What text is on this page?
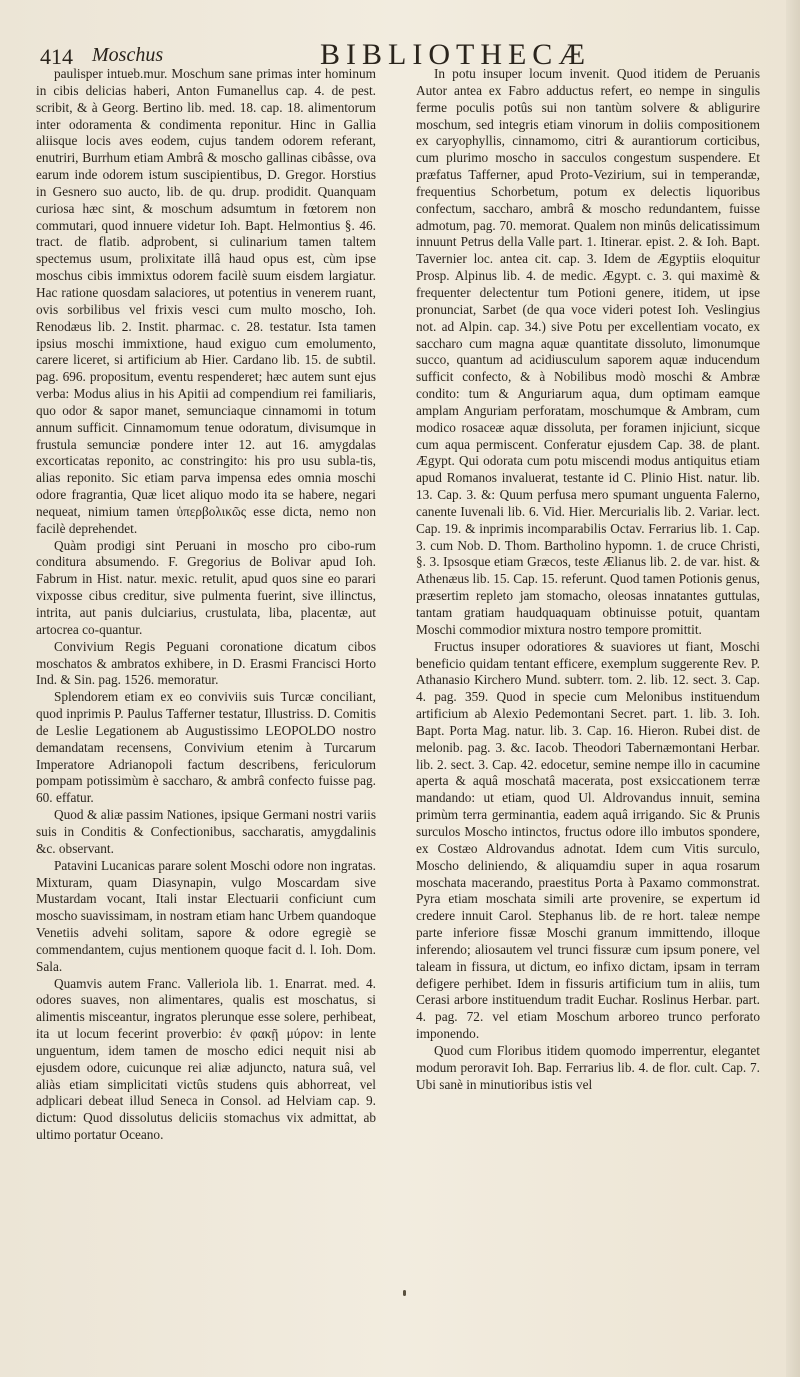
414 Moschus	BIBLIOTHECÆ

paulisper intueb.mur. Moschum sane primas inter hominum in cibis delicias haberi, Anton Fumanellus cap. 4. de pest. scribit, & à Georg. Bertino lib. med. 18. cap. 18. alimentorum inter odoramenta & condimenta reponitur. Hinc in Gallia aliisque locis aves eodem, cujus tandem odorem referant, enutriri, Burrhum etiam Ambrâ & moscho gallinas cibâsse, ova earum inde odorem istum suscipientibus, D. Gregor. Horstius in Gesnero suo aucto, lib. de qu. drup. prodidit. Quanquam curiosa hæc sint, & moschum adsumtum in fœtorem non commutari, quod innuere videtur Ioh. Bapt. Helmontius §. 46. tract. de flatib. adprobent, si culinarium tamen taltem spectemus usum, prolixitate illâ haud opus est, cùm ipse moschus cibis immixtus odorem facilè suum eisdem largiatur. Hac ratione quosdam salaciores, ut potentius in venerem ruant, ovis sorbilibus vel frixis vesci cum multo moscho, Ioh. Renodæus lib. 2. Instit. pharmac. c. 28. testatur. Ista tamen ipsius moschi immixtione, haud exiguo cum emolumento, carere liceret, si artificium ab Hier. Cardano lib. 15. de subtil. pag. 696. propositum, eventu respenderet; hæc autem sunt ejus verba: Modus alius in his Apitii ad compendium rei familiaris, quo odor & sapor manet, semunciaque cinnamomi in totum annum sufficit. Cinnamomum tenue odoratum, divisumque in frustula semunciæ pondere inter 12. aut 16. amygdalas excorticatas reponito, ac constringito: his pro usu subla-tis, alias reponito. Sic etiam parva impensa edes omnia moschi odore fragrantia, Quæ licet aliquo modo ita se habere, negari nequeat, nimium tamen ὑπερβολικῶς esse dicta, nemo non facilè deprehendet.

Quàm prodigi sint Peruani in moscho pro cibo-rum conditura absumendo. F. Gregorius de Bolivar apud Ioh. Fabrum in Hist. natur. mexic. retulit, apud quos sine eo parari vixposse cibus creditur, sive pulmenta fuerint, sive illinctus, intrita, aut panis dulciarius, crustulata, liba, placentæ, aut artocrea co-quantur.

Convivium Regis Peguani coronatione dicatum cibos moschatos & ambratos exhibere, in D. Erasmi Francisci Horto Ind. & Sin. pag. 1526. memoratur.

Splendorem etiam ex eo conviviis suis Turcæ conciliant, quod inprimis P. Paulus Tafferner testatur, Illustriss. D. Comitis de Leslie Legationem ab Augustissimo LEOPOLDO nostro demandatam recensens, Convivium etenim à Turcarum Imperatore Adrianopoli factum describens, fericulorum pompam potissimùm è saccharo, & ambrâ confecto fuisse pag. 60. effatur.

Quod & aliæ passim Nationes, ipsique Germani nostri variis suis in Conditis & Confectionibus, saccharatis, amygdalinis &c. observant.

Patavini Lucanicas parare solent Moschi odore non ingratas. Mixturam, quam Diasynapin, vulgo Moscardam sive Mustardam vocant, Itali instar Electuarii conficiunt cum moscho suavissimam, in nostram etiam hanc Urbem quandoque Venetiis advehi solitam, sapore & odore egregiè se commendantem, cujus mentionem quoque facit d. l. Ioh. Dom. Sala.

Quamvis autem Franc. Valleriola lib. 1. Enarrat. med. 4. odores suaves, non alimentares, qualis est moschatus, si alimentis misceantur, ingratos plerunque esse solere, perhibeat, ita ut locum fecerint proverbio: ἐν φακῇ μύρον: in lente unguentum, idem tamen de moscho edici nequit nisi ab ejusdem odore, cuicunque rei aliæ adjuncto, natura suâ, vel aliàs etiam simplicitati victûs studens quis abhorreat, vel adplicari debeat illud Seneca in Consol. ad Helviam cap. 9. dictum: Quod dissolutus deliciis stomachus vix admittat, ab ultimo portatur Oceano.

In potu insuper locum invenit. Quod itidem de Peruanis Autor antea ex Fabro adductus refert, eo nempe in singulis ferme poculis potûs sui non tantùm solvere & abligurire moschum, sed integris etiam vinorum in doliis compositionem ex caryophyllis, cinnamomo, citri & aurantiorum corticibus, cum plurimo moscho in sacculos congestum suspendere. Et præfatus Tafferner, apud Proto-Vezirium, sui in temperandæ, frequentius Schorbetum, potum ex delectis liquoribus confectum, saccharo, ambrâ & moscho redundantem, fuisse admotum, pag. 70. memorat. Qualem non minûs delicatissimum innuunt Petrus della Valle part. 1. Itinerar. epist. 2. & Ioh. Bapt. Tavernier loc. antea cit. cap. 3. Idem de Ægyptiis eloquitur Prosp. Alpinus lib. 4. de medic. Ægypt. c. 3. qui maximè & frequenter delectentur tum Potioni genere, itidem, ut ipse pronunciat, Sarbet (de qua voce videri potest Ioh. Veslingius not. ad Alpin. cap. 34.) sive Potu per excellentiam vocato, ex saccharo cum magna aquæ quantitate dissoluto, limonumque succo, quantum ad acidiusculum saporem aquæ inducendum sufficit confecto, & à Nobilibus modò moschi & Ambræ condito: tum & Anguriarum aqua, dum optimam eamque amplam Anguriam perforatam, moschumque & Ambram, cum modico rosaceæ aquæ dissoluta, per foramen injiciunt, sicque cum aqua permiscent. Conferatur ejusdem Cap. 38. de plant. Ægypt. Qui odorata cum potu miscendi modus antiquitus etiam apud Romanos invaluerat, testante id C. Plinio Hist. natur. lib. 13. Cap. 3. &: Quum perfusa mero spumant unguenta Falerno, canente Iuvenali lib. 6. Vid. Hier. Mercurialis lib. 2. Variar. lect. Cap. 19. & inprimis incomparabilis Octav. Ferrarius lib. 1. Cap. 3. cum Nob. D. Thom. Bartholino hypomn. 1. de cruce Christi, §. 3. Ipsosque etiam Græcos, teste Ælianus lib. 2. de var. hist. & Athenæus lib. 15. Cap. 15. referunt. Quod tamen Potionis genus, præsertim repleto jam stomacho, oleosas innatantes guttulas, tantam gratiam haudquaquam obtinuisse potuit, quantam Moschi commodior mixtura nostro tempore promittit.

Fructus insuper odoratiores & suaviores ut fiant, Moschi beneficio quidam tentant efficere, exemplum suggerente Rev. P. Athanasio Kirchero Mund. subterr. tom. 2. lib. 12. sect. 3. Cap. 4. pag. 359. Quod in specie cum Melonibus instituendum artificium ab Alexio Pedemontani Secret. part. 1. lib. 3. Ioh. Bapt. Porta Mag. natur. lib. 3. Cap. 16. Hieron. Rubei dist. de melonib. pag. 3. &c. Iacob. Theodori Tabernæmontani Herbar. lib. 2. sect. 3. Cap. 42. edocetur, semine nempe illo in cacumine aperta & aquâ moschatâ macerata, post exsiccationem terræ mandando: ut etiam, quod Ul. Aldrovandus innuit, semina primùm terra germinantia, eadem aquâ irrigando. Sic & Prunis surculos Moscho intinctos, fructus odore illo imbutos spondere, ex Costæo Aldrovandus adnotat. Idem cum Vitis surculo, Moscho deliniendo, & aliquamdiu super in aqua rosarum moschata macerando, praestitus Porta à Paxamo commonstrat. Pyra etiam moschata simili arte provenire, se expertum id credere innuit Carol. Stephanus lib. de re hort. taleæ nempe parte inferiore fissæ Moschi granum immittendo, illoque inferendo; aliosautem vel trunci fissuræ cum ipsum ponere, vel taleam in fissura, ut dictum, eo infixo dictam, ipsam in terram defigere perhibet. Idem in fissuris artificium tum in aliis, tum Cerasi arbore instituendum tradit Euchar. Roslinus Herbar. part. 4. pag. 72. vel etiam Moschum arboreo trunco perforato imponendo.

Quod cum Floribus itidem quomodo imperrentur, elegantet modum peroravit Ioh. Bap. Ferrarius lib. 4. de flor. cult. Cap. 7. Ubi sanè in minutioribus istis vel
